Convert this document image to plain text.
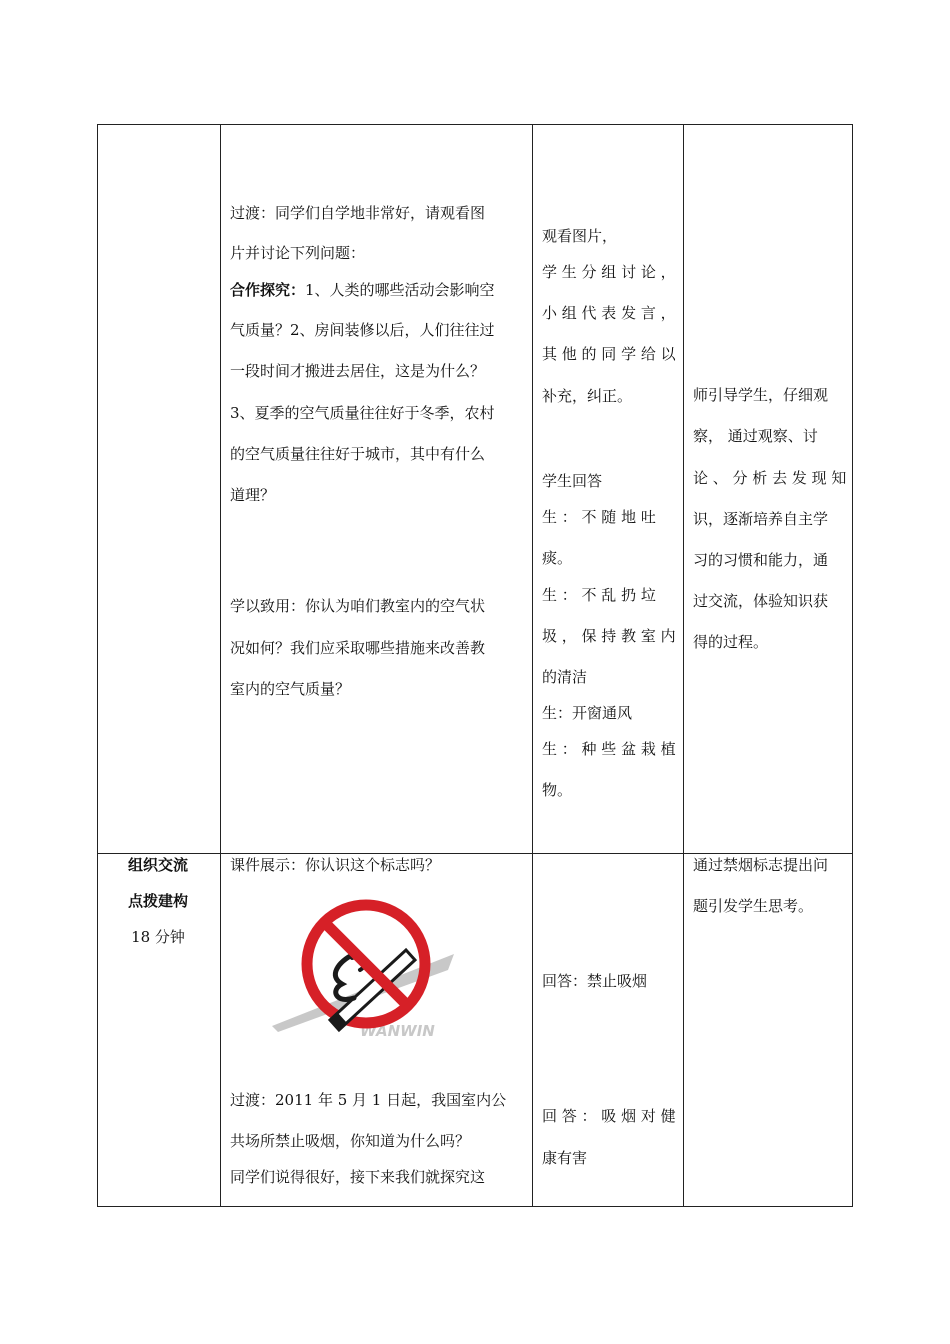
过渡：同学们自学地非常好，请观看图

片并讨论下列问题：

合作探究：1、人类的哪些活动会影响空

气质量？2、房间装修以后，人们往往过

一段时间才搬进去居住，这是为什么？

3、夏季的空气质量往往好于冬季，农村

的空气质量往往好于城市，其中有什么

道理？

学以致用：你认为咱们教室内的空气状

况如何？我们应采取哪些措施来改善教

室内的空气质量？

观看图片，

学 生 分 组 讨 论 ，

小 组 代 表 发 言 ，

其 他 的 同 学 给 以

补充，纠正。

学生回答

生 ： 不 随 地 吐

痰。

生 ： 不 乱 扔 垃

圾 ， 保 持 教 室 内

的清洁

生：开窗通风

生 ： 种 些 盆 栽 植

物。

师引导学生，仔细观

察， 通过观察、讨

论 、 分 析 去 发 现 知

识，逐渐培养自主学

习的习惯和能力，通

过交流，体验知识获

得的过程。

组织交流

点拨建构

18 分钟

课件展示：你认识这个标志吗？

过渡：2011 年 5 月 1 日起，我国室内公

共场所禁止吸烟，你知道为什么吗？

同学们说得很好，接下来我们就探究这

WANWIN

回答：禁止吸烟

回 答 ： 吸 烟 对 健

康有害

通过禁烟标志提出问

题引发学生思考。
